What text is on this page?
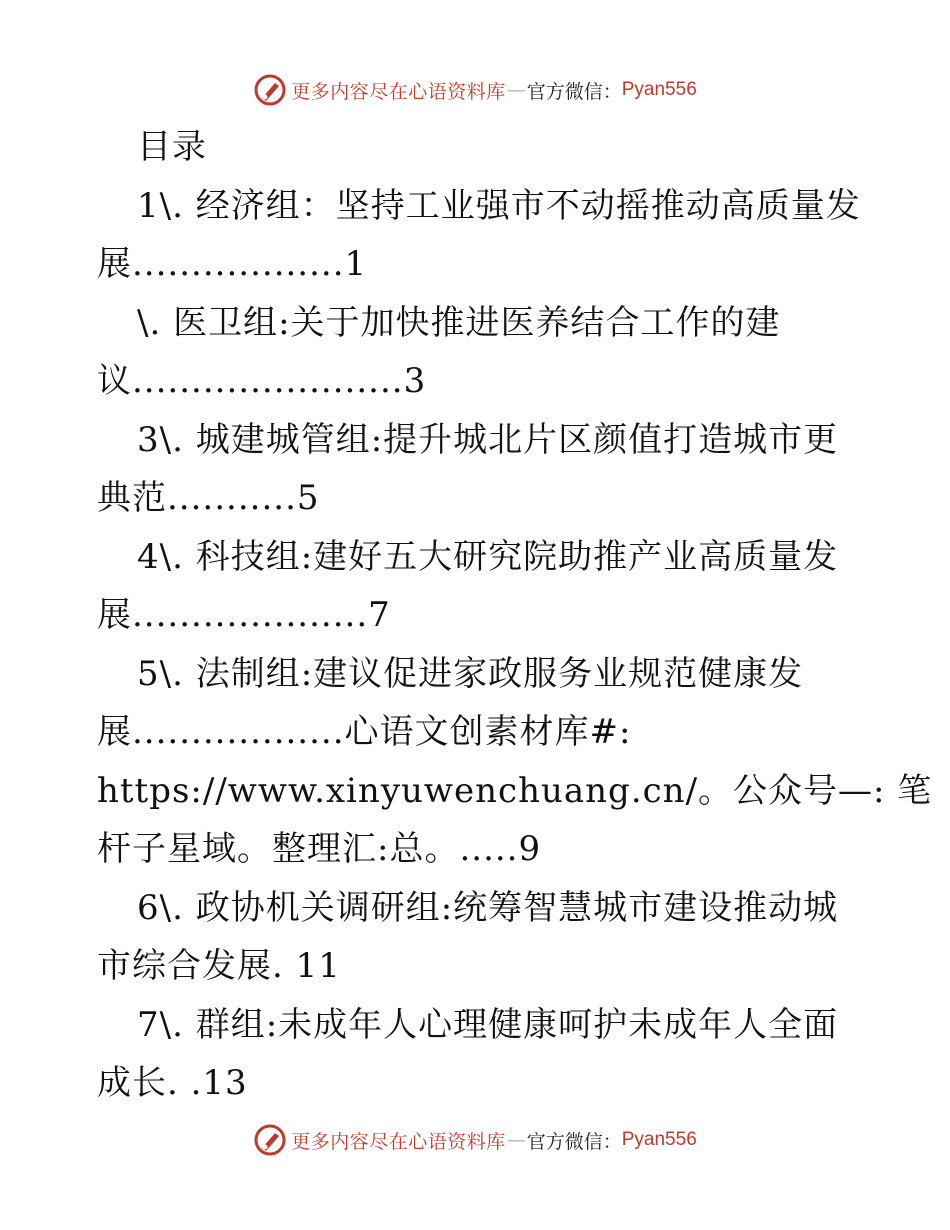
更多内容尽在心语资料库 — 官方微信： Pyan556
目录
1\. 经济组：坚持工业强市不动摇推动高质量发
展..................1
\. 医卫组:关于加快推进医养结合工作的建
议.......................3
3\. 城建城管组:提升城北片区颜值打造城市更
典范...........5
4\. 科技组:建好五大研究院助推产业高质量发
展....................7
5\. 法制组:建议促进家政服务业规范健康发
展..................心语文创素材库#:
https://www.xinyuwenchuang.cn/。公众号—: 笔
杆子星域。整理汇:总。.....9
6\. 政协机关调研组:统筹智慧城市建设推动城
市综合发展. 11
7\. 群组:未成年人心理健康呵护未成年人全面
成长. .13
更多内容尽在心语资料库 — 官方微信： Pyan556
